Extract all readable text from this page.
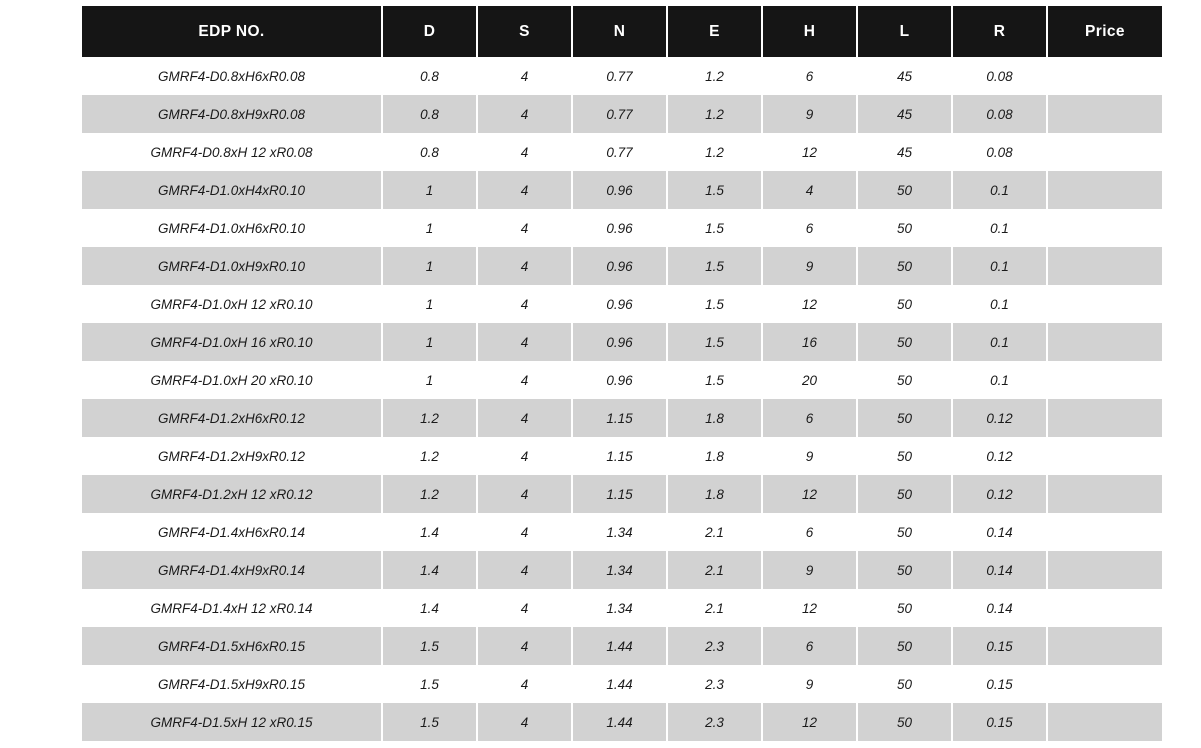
EDP NO.	D	S	N	E	H	L	R	Price
GMRF4-D0.8xH6xR0.08	0.8	4	0.77	1.2	6	45	0.08	
GMRF4-D0.8xH9xR0.08	0.8	4	0.77	1.2	9	45	0.08	
GMRF4-D0.8xH 12 xR0.08	0.8	4	0.77	1.2	12	45	0.08	
GMRF4-D1.0xH4xR0.10	1	4	0.96	1.5	4	50	0.1	
GMRF4-D1.0xH6xR0.10	1	4	0.96	1.5	6	50	0.1	
GMRF4-D1.0xH9xR0.10	1	4	0.96	1.5	9	50	0.1	
GMRF4-D1.0xH 12 xR0.10	1	4	0.96	1.5	12	50	0.1	
GMRF4-D1.0xH 16 xR0.10	1	4	0.96	1.5	16	50	0.1	
GMRF4-D1.0xH 20 xR0.10	1	4	0.96	1.5	20	50	0.1	
GMRF4-D1.2xH6xR0.12	1.2	4	1.15	1.8	6	50	0.12	
GMRF4-D1.2xH9xR0.12	1.2	4	1.15	1.8	9	50	0.12	
GMRF4-D1.2xH 12 xR0.12	1.2	4	1.15	1.8	12	50	0.12	
GMRF4-D1.4xH6xR0.14	1.4	4	1.34	2.1	6	50	0.14	
GMRF4-D1.4xH9xR0.14	1.4	4	1.34	2.1	9	50	0.14	
GMRF4-D1.4xH 12 xR0.14	1.4	4	1.34	2.1	12	50	0.14	
GMRF4-D1.5xH6xR0.15	1.5	4	1.44	2.3	6	50	0.15	
GMRF4-D1.5xH9xR0.15	1.5	4	1.44	2.3	9	50	0.15	
GMRF4-D1.5xH 12 xR0.15	1.5	4	1.44	2.3	12	50	0.15	
